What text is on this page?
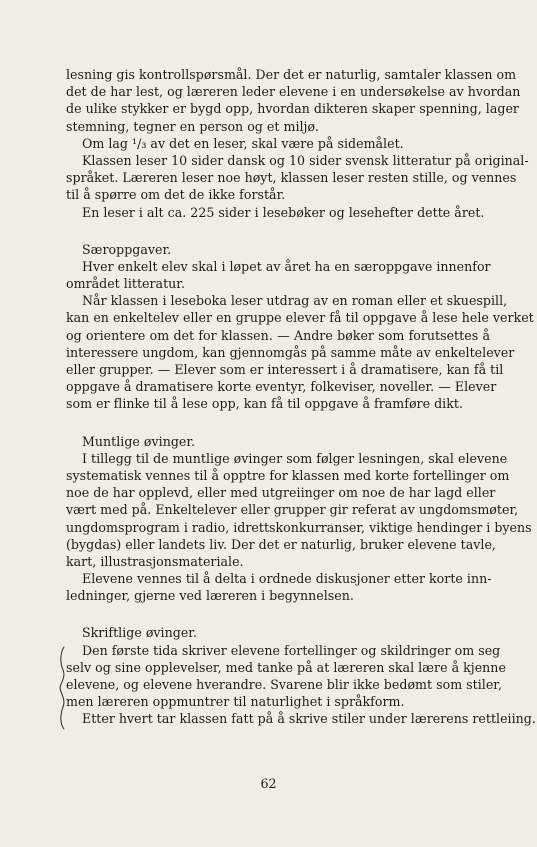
lesning gis kontrollspørsmål. Der det er naturlig, samtaler klassen om
det de har lest, og læreren leder elevene i en undersøkelse av hvordan
de ulike stykker er bygd opp, hvordan dikteren skaper spenning, lager
stemning, tegner en person og et miljø.
Om lag ¹/₃ av det en leser, skal være på sidemålet.
Klassen leser 10 sider dansk og 10 sider svensk litteratur på original-
språket. Læreren leser noe høyt, klassen leser resten stille, og vennes
til å spørre om det de ikke forstår.
En leser i alt ca. 225 sider i lesebøker og lesehefter dette året.
Særoppgaver.
Hver enkelt elev skal i løpet av året ha en særoppgave innenfor
området litteratur.
Når klassen i leseboka leser utdrag av en roman eller et skuespill,
kan en enkeltelev eller en gruppe elever få til oppgave å lese hele verket
og orientere om det for klassen. — Andre bøker som forutsettes å
interessere ungdom, kan gjennomgås på samme måte av enkeltelever
eller grupper. — Elever som er interessert i å dramatisere, kan få til
oppgave å dramatisere korte eventyr, folkeviser, noveller. — Elever
som er flinke til å lese opp, kan få til oppgave å framføre dikt.
Muntlige øvinger.
I tillegg til de muntlige øvinger som følger lesningen, skal elevene
systematisk vennes til å opptre for klassen med korte fortellinger om
noe de har opplevd, eller med utgreiinger om noe de har lagd eller
vært med på. Enkeltelever eller grupper gir referat av ungdomsmøter,
ungdomsprogram i radio, idrettskonkurranser, viktige hendinger i byens
(bygdas) eller landets liv. Der det er naturlig, bruker elevene tavle,
kart, illustrasjonsmateriale.
Elevene vennes til å delta i ordnede diskusjoner etter korte inn-
ledninger, gjerne ved læreren i begynnelsen.
Skriftlige øvinger.
Den første tida skriver elevene fortellinger og skildringer om seg
selv og sine opplevelser, med tanke på at læreren skal lære å kjenne
elevene, og elevene hverandre. Svarene blir ikke bedømt som stiler,
men læreren oppmuntrer til naturlighet i språkform.
Etter hvert tar klassen fatt på å skrive stiler under lærerens rettleiing.
62
